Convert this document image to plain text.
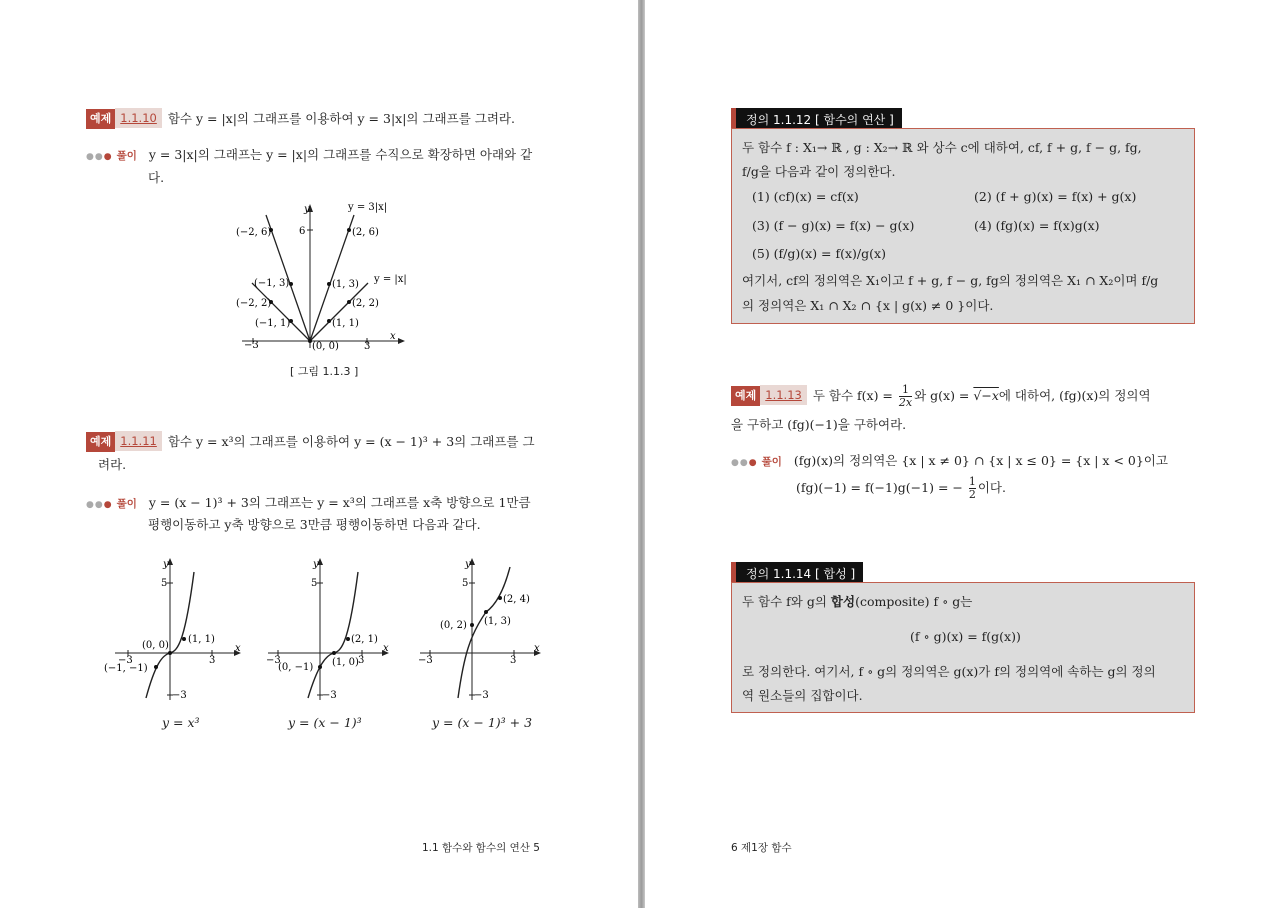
예제 1.1.10 함수 y = |x|의 그래프를 이용하여 y = 3|x|의 그래프를 그려라.
●●● 풀이 y = 3|x|의 그래프는 y = |x|의 그래프를 수직으로 확장하면 아래와 같
다.
y
x
y = 3|x|
y = |x|
(−2, 6)	(2, 6)
(−1, 3)	(1, 3)
(−2, 2)	(2, 2)
(−1, 1)	(1, 1)
(0, 0)
6
−3	3
[ 그림 1.1.3 ]
예제 1.1.11 함수 y = x³의 그래프를 이용하여 y = (x − 1)³ + 3의 그래프를 그
려라.
●●● 풀이 y = (x − 1)³ + 3의 그래프는 y = x³의 그래프를 x축 방향으로 1만큼
평행이동하고 y축 방향으로 3만큼 평행이동하면 다음과 같다.
y
x
5
−3	3
−3
(0, 0)
(1, 1)
(−1, −1)
y = x³
y
x
5
−3	3
−3
(2, 1)
(0, −1) (1, 0)
y = (x − 1)³
y
x
5
−3	3
−3
(2, 4)
(1, 3)
(0, 2)
y = (x − 1)³ + 3
1.1 함수와 함수의 연산 5
정의 1.1.12 [ 함수의 연산 ]
두 함수 f : X₁→ ℝ , g : X₂→ ℝ 와 상수 c에 대하여, cf, f + g, f − g, fg,
f/g을 다음과 같이 정의한다.
(1) (cf)(x) = cf(x)	(2) (f + g)(x) = f(x) + g(x)
(3) (f − g)(x) = f(x) − g(x)	(4) (fg)(x) = f(x)g(x)
(5) (f/g)(x) = f(x)/g(x)
여기서, cf의 정의역은 X₁이고 f + g, f − g, fg의 정의역은 X₁ ∩ X₂이며 f/g
의 정의역은 X₁ ∩ X₂ ∩ {x | g(x) ≠ 0 }이다.
예제 1.1.13 두 함수 $f(x) = \frac{1}{2x}$ 와 g(x) = √−x에 대하여, (fg)(x)의 정의역
을 구하고 (fg)(−1)을 구하여라.
●●● 풀이 (fg)(x)의 정의역은 {x | x ≠ 0} ∩ {x | x ≤ 0} = {x | x < 0}이고
(fg)(−1) = f(−1)g(−1) = − $\frac{1}{2}$ 이다.
정의 1.1.14 [ 합성 ]
두 함수 f와 g의 합성(composite) f ∘ g는
(f ∘ g)(x) = f(g(x))
로 정의한다. 여기서, f ∘ g의 정의역은 g(x)가 f의 정의역에 속하는 g의 정의
역 원소들의 집합이다.
6 제1장 함수
